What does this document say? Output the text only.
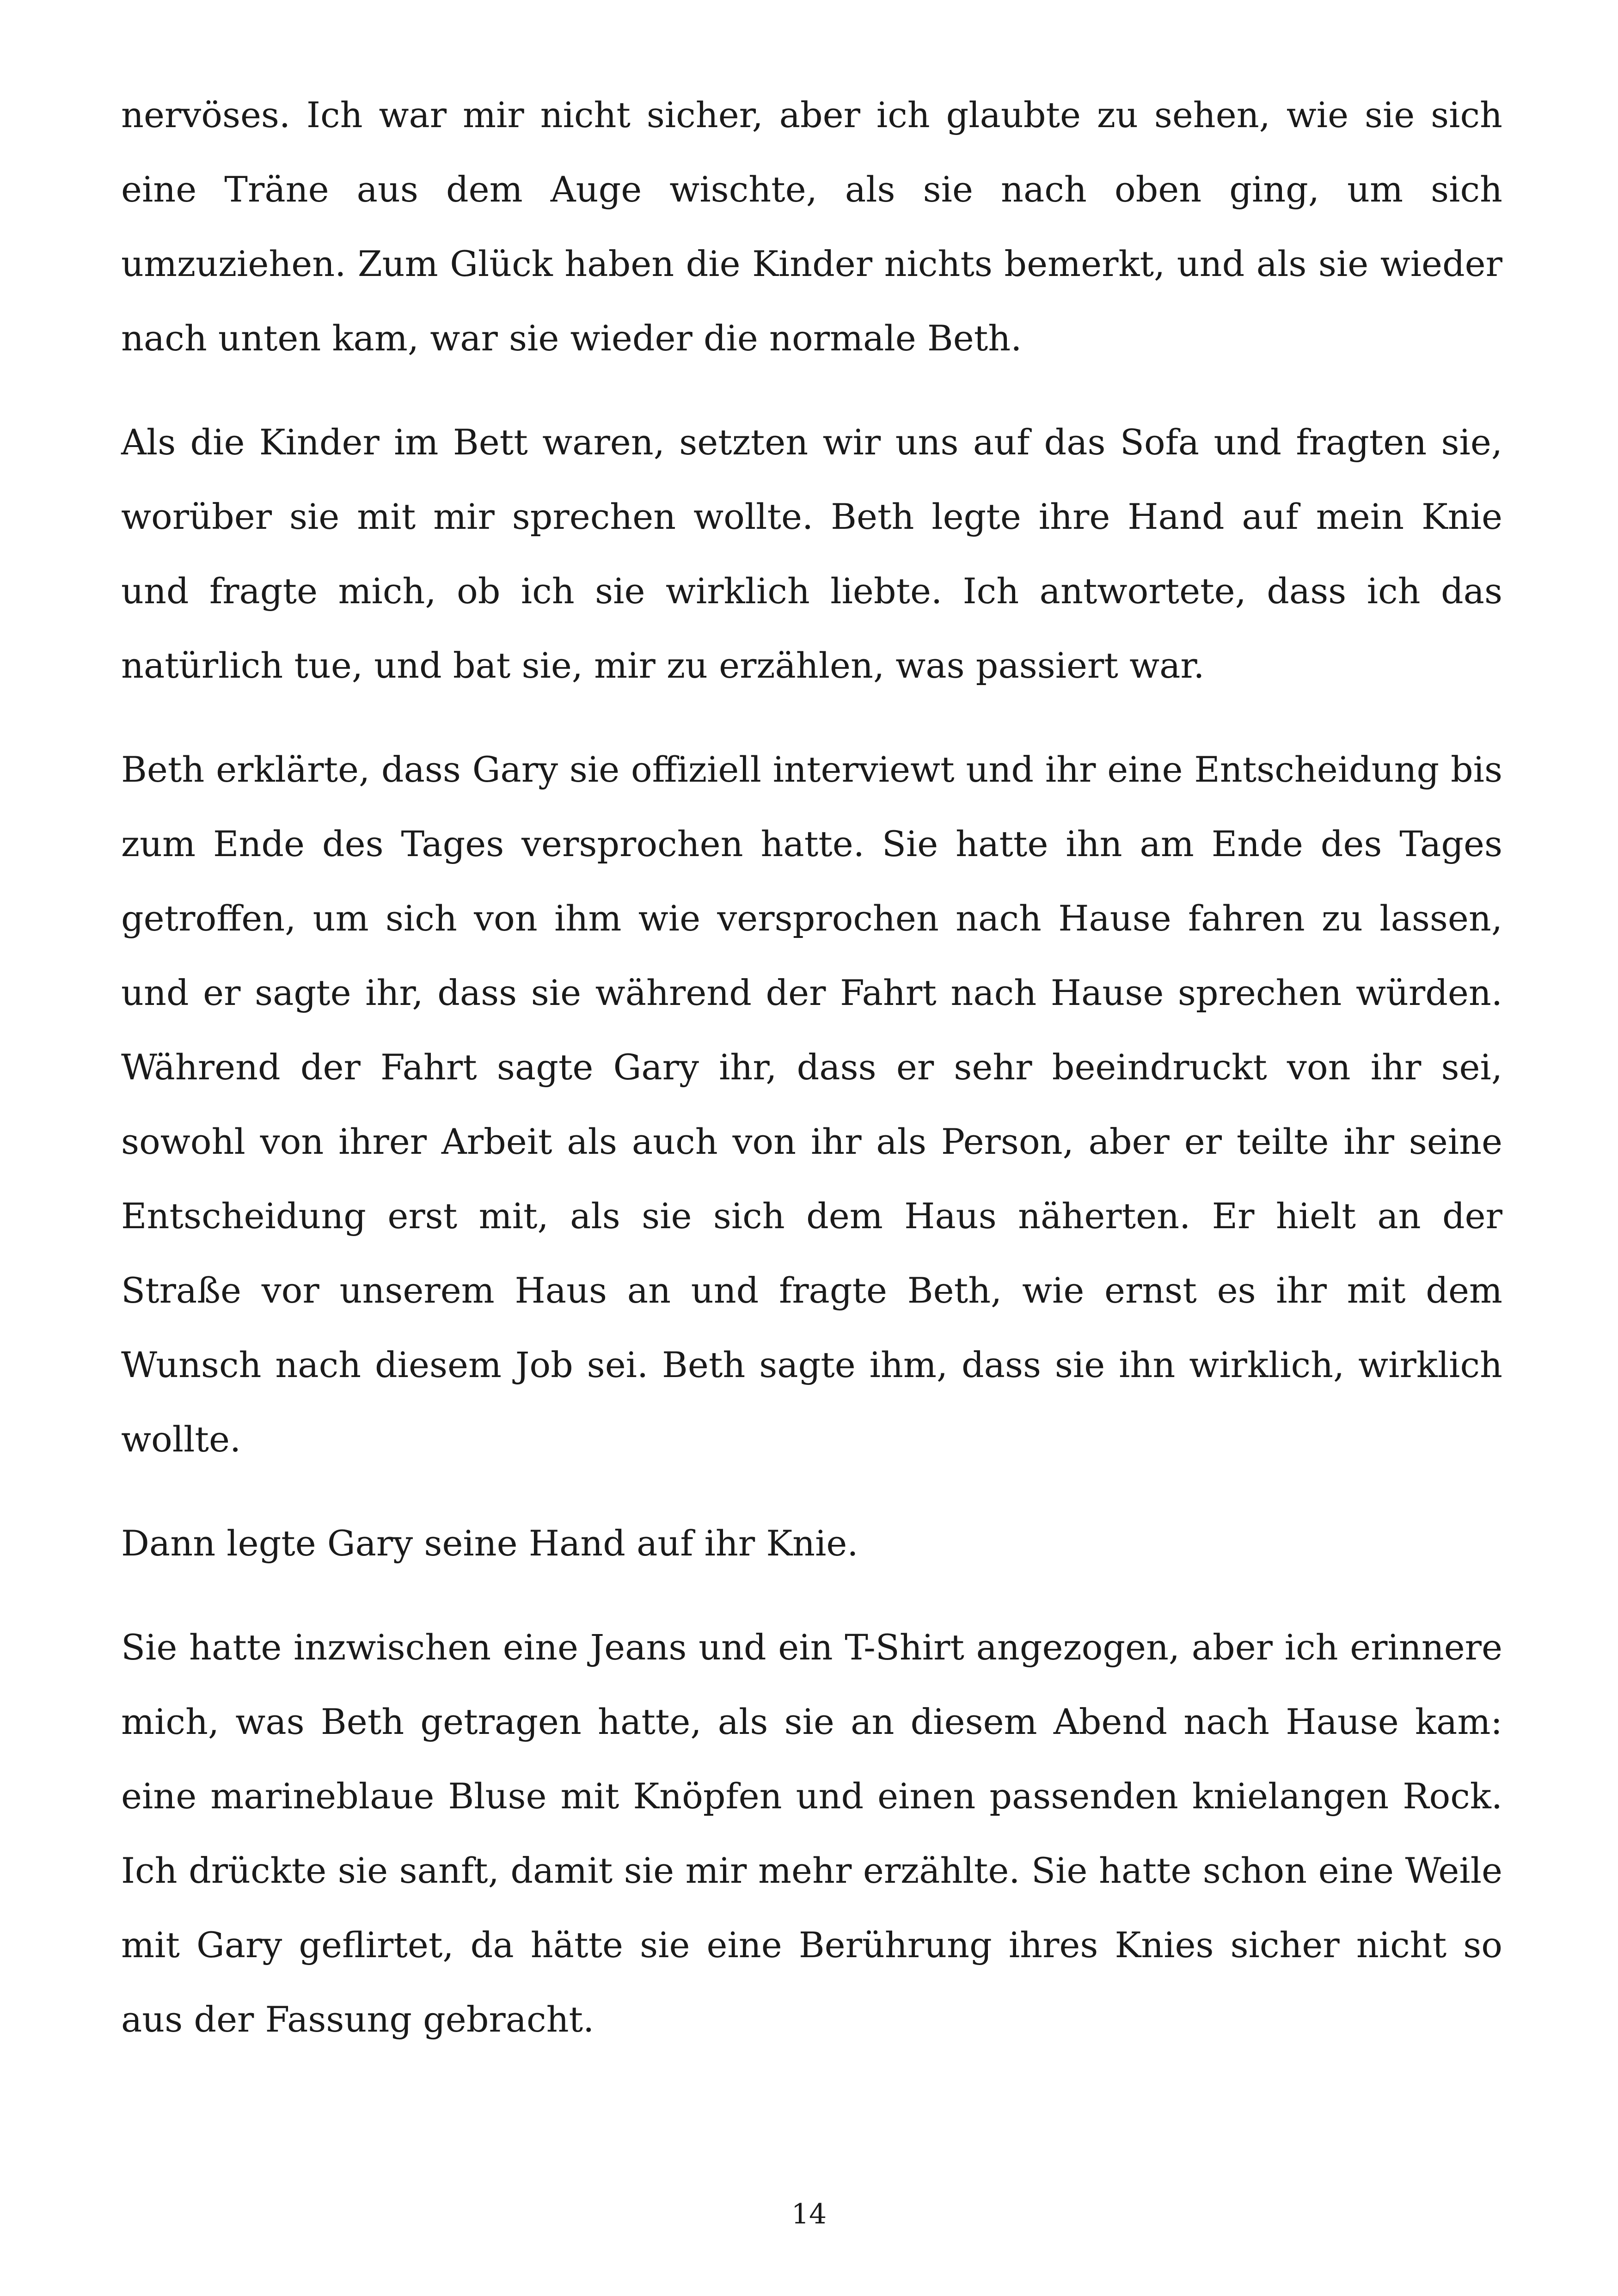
nervöses. Ich war mir nicht sicher, aber ich glaubte zu sehen, wie sie sich eine Träne aus dem Auge wischte, als sie nach oben ging, um sich umzuziehen. Zum Glück haben die Kinder nichts bemerkt, und als sie wieder nach unten kam, war sie wieder die normale Beth.

Als die Kinder im Bett waren, setzten wir uns auf das Sofa und fragten sie, worüber sie mit mir sprechen wollte. Beth legte ihre Hand auf mein Knie und fragte mich, ob ich sie wirklich liebte. Ich antwortete, dass ich das natürlich tue, und bat sie, mir zu erzählen, was passiert war.

Beth erklärte, dass Gary sie offiziell interviewt und ihr eine Entscheidung bis zum Ende des Tages versprochen hatte. Sie hatte ihn am Ende des Tages getroffen, um sich von ihm wie versprochen nach Hause fahren zu lassen, und er sagte ihr, dass sie während der Fahrt nach Hause sprechen würden. Während der Fahrt sagte Gary ihr, dass er sehr beeindruckt von ihr sei, sowohl von ihrer Arbeit als auch von ihr als Person, aber er teilte ihr seine Entscheidung erst mit, als sie sich dem Haus näherten. Er hielt an der Straße vor unserem Haus an und fragte Beth, wie ernst es ihr mit dem Wunsch nach diesem Job sei. Beth sagte ihm, dass sie ihn wirklich, wirklich wollte.

Dann legte Gary seine Hand auf ihr Knie.

Sie hatte inzwischen eine Jeans und ein T-Shirt angezogen, aber ich erinnere mich, was Beth getragen hatte, als sie an diesem Abend nach Hause kam: eine marineblaue Bluse mit Knöpfen und einen passenden knielangen Rock. Ich drückte sie sanft, damit sie mir mehr erzählte. Sie hatte schon eine Weile mit Gary geflirtet, da hätte sie eine Berührung ihres Knies sicher nicht so aus der Fassung gebracht.

14
